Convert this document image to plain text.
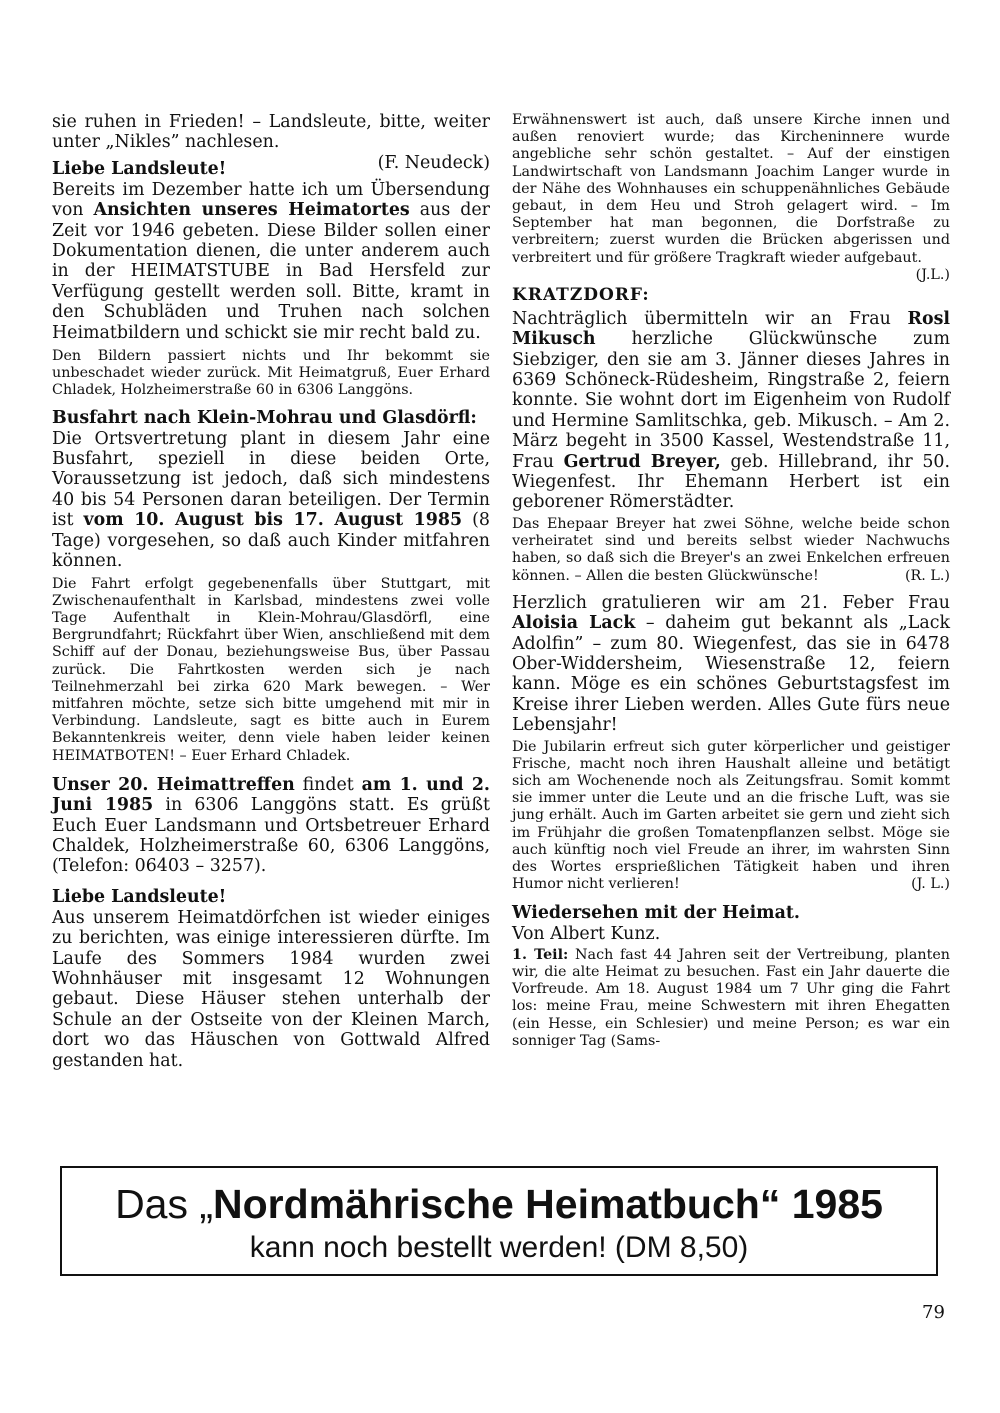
sie ruhen in Frieden! – Landsleute, bitte, weiter unter „Nikles” nachlesen.

(F. Neudeck)
Liebe Landsleute!

Bereits im Dezember hatte ich um Übersendung von Ansichten unseres Heimatortes aus der Zeit vor 1946 gebeten. Diese Bilder sollen einer Dokumentation dienen, die unter anderem auch in der HEIMATSTUBE in Bad Hersfeld zur Verfügung gestellt werden soll. Bitte, kramt in den Schubläden und Truhen nach solchen Heimatbildern und schickt sie mir recht bald zu.

Den Bildern passiert nichts und Ihr bekommt sie unbeschadet wieder zurück. Mit Heimatgruß, Euer Erhard Chladek, Holzheimerstraße 60 in 6306 Langgöns.

Busfahrt nach Klein-Mohrau und Glasdörfl:

Die Ortsvertretung plant in diesem Jahr eine Busfahrt, speziell in diese beiden Orte, Voraussetzung ist jedoch, daß sich mindestens 40 bis 54 Personen daran beteiligen. Der Termin ist vom 10. August bis 17. August 1985 (8 Tage) vorgesehen, so daß auch Kinder mitfahren können.

Die Fahrt erfolgt gegebenenfalls über Stuttgart, mit Zwischenaufenthalt in Karlsbad, mindestens zwei volle Tage Aufenthalt in Klein-Mohrau/Glasdörfl, eine Bergrundfahrt; Rückfahrt über Wien, anschließend mit dem Schiff auf der Donau, beziehungsweise Bus, über Passau zurück. Die Fahrtkosten werden sich je nach Teilnehmerzahl bei zirka 620 Mark bewegen. – Wer mitfahren möchte, setze sich bitte umgehend mit mir in Verbindung. Landsleute, sagt es bitte auch in Eurem Bekanntenkreis weiter, denn viele haben leider keinen HEIMATBOTEN! – Euer Erhard Chladek.

Unser 20. Heimattreffen findet am 1. und 2. Juni 1985 in 6306 Langgöns statt. Es grüßt Euch Euer Landsmann und Ortsbetreuer Erhard Chaldek, Holzheimerstraße 60, 6306 Langgöns, (Telefon: 06403 – 3257).

Liebe Landsleute!

Aus unserem Heimatdörfchen ist wieder einiges zu berichten, was einige interessieren dürfte. Im Laufe des Sommers 1984 wurden zwei Wohnhäuser mit insgesamt 12 Wohnungen gebaut. Diese Häuser stehen unterhalb der Schule an der Ostseite von der Kleinen March, dort wo das Häuschen von Gottwald Alfred gestanden hat.

Erwähnenswert ist auch, daß unsere Kirche innen und außen renoviert wurde; das Kircheninnere wurde angebliche sehr schön gestaltet. – Auf der einstigen Landwirtschaft von Landsmann Joachim Langer wurde in der Nähe des Wohnhauses ein schuppenähnliches Gebäude gebaut, in dem Heu und Stroh gelagert wird. – Im September hat man begonnen, die Dorfstraße zu verbreitern; zuerst wurden die Brücken abgerissen und verbreitert und für größere Tragkraft wieder aufgebaut.
(J.L.)

KRATZDORF:

Nachträglich übermitteln wir an Frau Rosl Mikusch herzliche Glückwünsche zum Siebziger, den sie am 3. Jänner dieses Jahres in 6369 Schöneck-Rüdesheim, Ringstraße 2, feiern konnte. Sie wohnt dort im Eigenheim von Rudolf und Hermine Samlitschka, geb. Mikusch. – Am 2. März begeht in 3500 Kassel, Westendstraße 11, Frau Gertrud Breyer, geb. Hillebrand, ihr 50. Wiegenfest. Ihr Ehemann Herbert ist ein geborener Römerstädter.

Das Ehepaar Breyer hat zwei Söhne, welche beide schon verheiratet sind und bereits selbst wieder Nachwuchs haben, so daß sich die Breyer's an zwei Enkelchen erfreuen können. – Allen die besten Glückwünsche!	(R. L.)

Herzlich gratulieren wir am 21. Feber Frau Aloisia Lack – daheim gut bekannt als „Lack Adolfin” – zum 80. Wiegenfest, das sie in 6478 Ober-Widdersheim, Wiesenstraße 12, feiern kann. Möge es ein schönes Geburtstagsfest im Kreise ihrer Lieben werden. Alles Gute fürs neue Lebensjahr!

Die Jubilarin erfreut sich guter körperlicher und geistiger Frische, macht noch ihren Haushalt alleine und betätigt sich am Wochenende noch als Zeitungsfrau. Somit kommt sie immer unter die Leute und an die frische Luft, was sie jung erhält. Auch im Garten arbeitet sie gern und zieht sich im Frühjahr die großen Tomatenpflanzen selbst. Möge sie auch künftig noch viel Freude an ihrer, im wahrsten Sinn des Wortes ersprießlichen Tätigkeit haben und ihren Humor nicht verlieren!	(J. L.)

Wiedersehen mit der Heimat.

Von Albert Kunz.

1. Teil: Nach fast 44 Jahren seit der Vertreibung, planten wir, die alte Heimat zu besuchen. Fast ein Jahr dauerte die Vorfreude. Am 18. August 1984 um 7 Uhr ging die Fahrt los: meine Frau, meine Schwestern mit ihren Ehegatten (ein Hesse, ein Schlesier) und meine Person; es war ein sonniger Tag (Sams-

Das „Nordmährische Heimatbuch“ 1985
kann noch bestellt werden! (DM 8,50)
79
